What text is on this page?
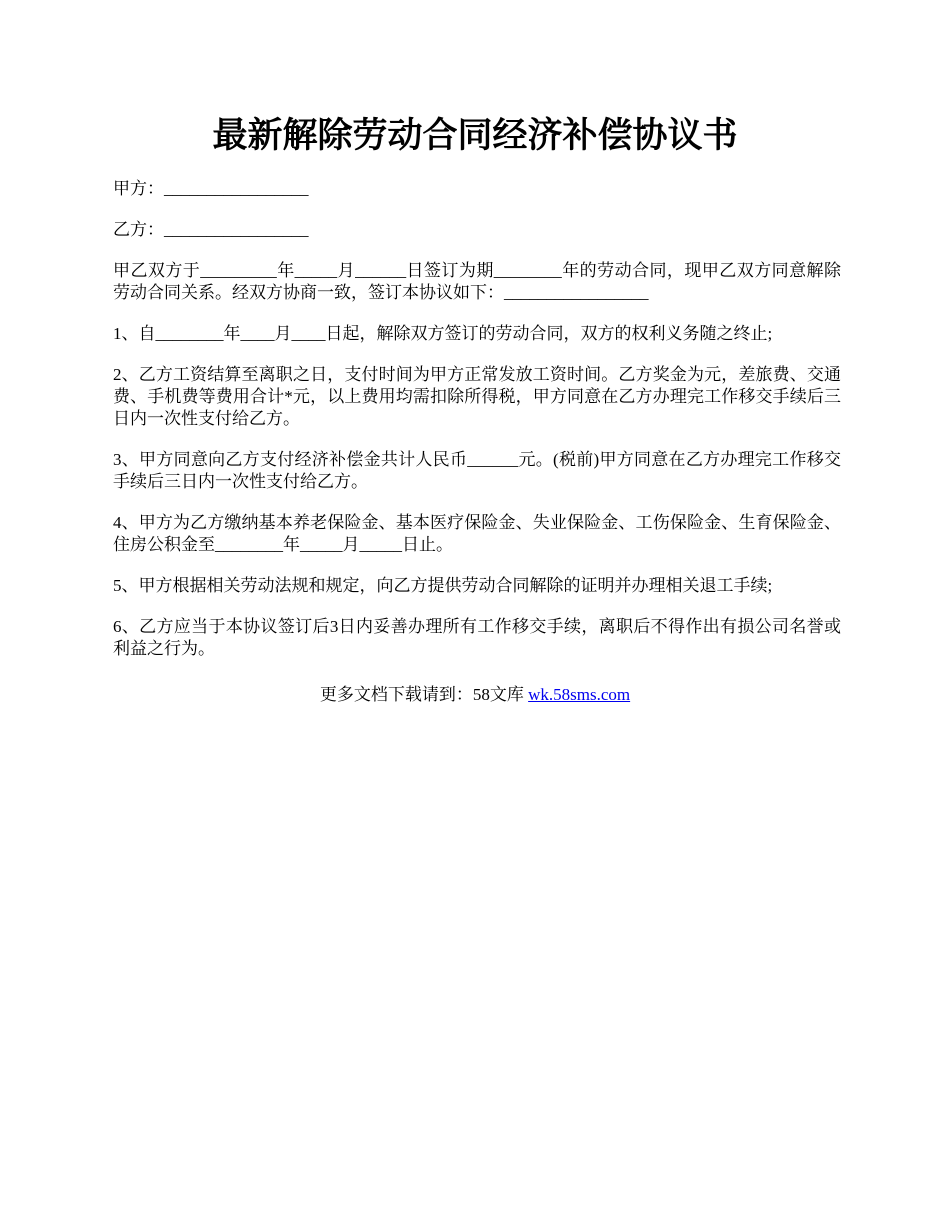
最新解除劳动合同经济补偿协议书

甲方：_________________

乙方：_________________

甲乙双方于_________年_____月______日签订为期________年的劳动合同，现甲乙双方同意解除劳动合同关系。经双方协商一致，签订本协议如下：_________________

1、自________年____月____日起，解除双方签订的劳动合同，双方的权利义务随之终止;

2、乙方工资结算至离职之日，支付时间为甲方正常发放工资时间。乙方奖金为元，差旅费、交通费、手机费等费用合计*元，以上费用均需扣除所得税，甲方同意在乙方办理完工作移交手续后三日内一次性支付给乙方。

3、甲方同意向乙方支付经济补偿金共计人民币______元。(税前)甲方同意在乙方办理完工作移交手续后三日内一次性支付给乙方。

4、甲方为乙方缴纳基本养老保险金、基本医疗保险金、失业保险金、工伤保险金、生育保险金、住房公积金至________年_____月_____日止。

5、甲方根据相关劳动法规和规定，向乙方提供劳动合同解除的证明并办理相关退工手续;

6、乙方应当于本协议签订后3日内妥善办理所有工作移交手续，离职后不得作出有损公司名誉或利益之行为。

更多文档下载请到：58文库 wk.58sms.com
